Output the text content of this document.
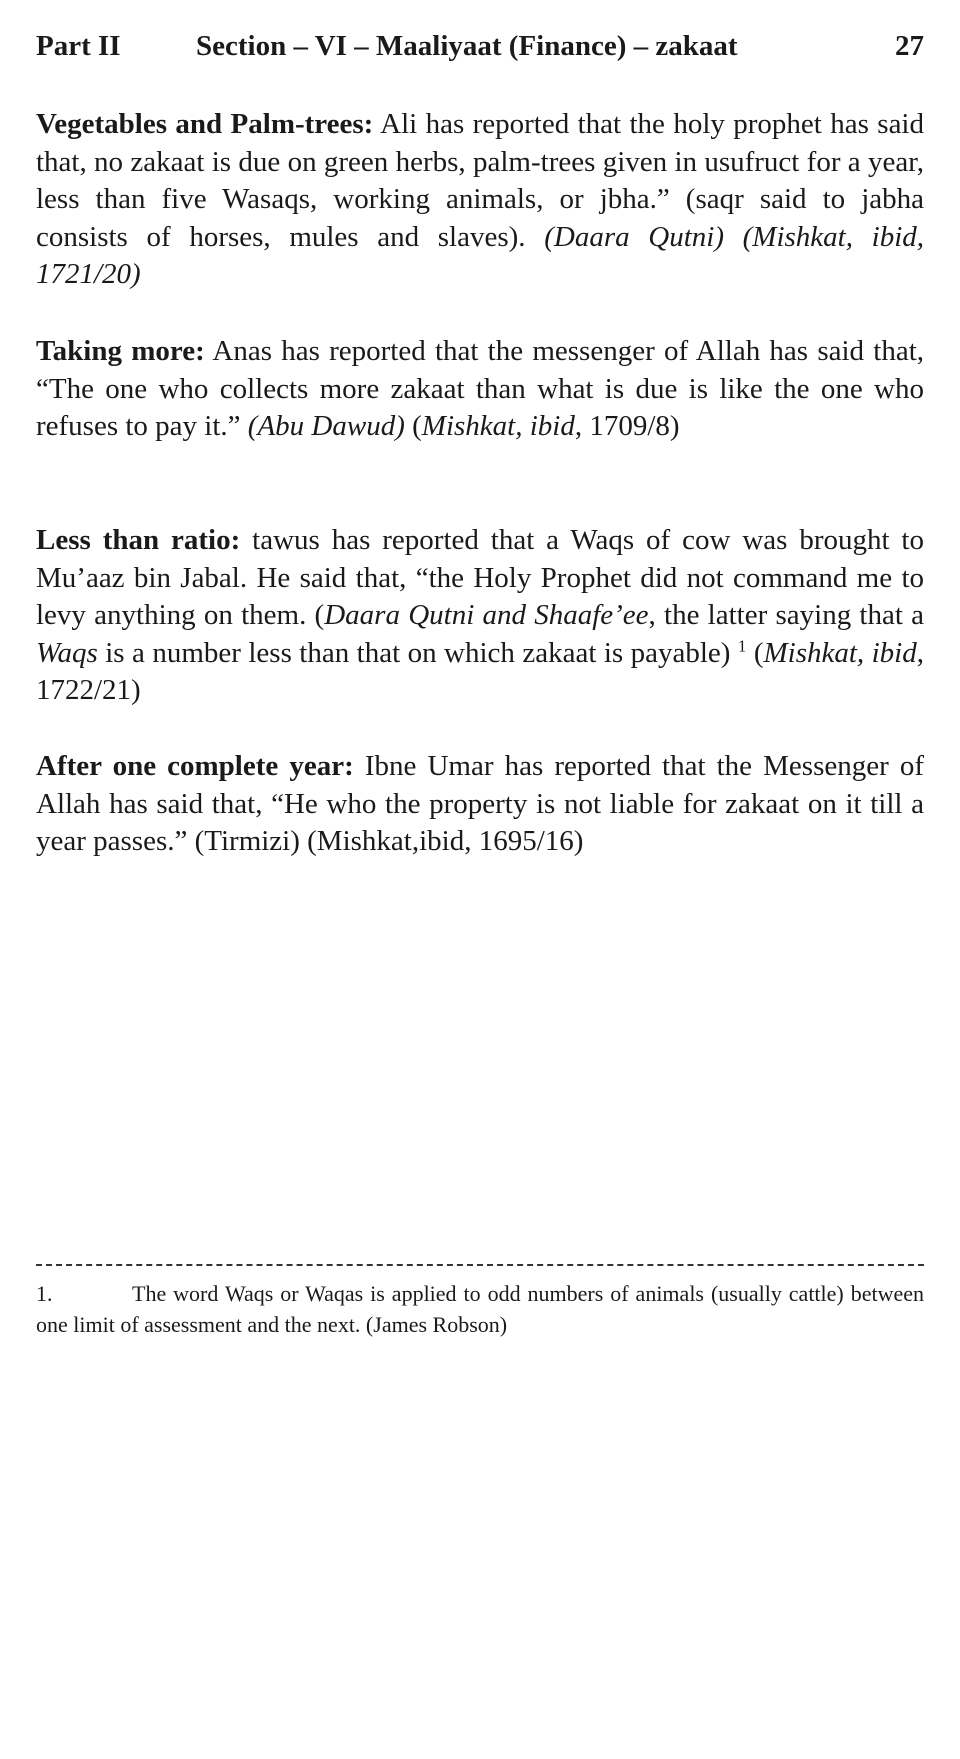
Part II	Section – VI – Maaliyaat (Finance) – zakaat	27

Vegetables and Palm-trees: Ali has reported that the holy prophet has said that, no zakaat is due on green herbs, palm-trees given in usufruct for a year, less than five Wasaqs, working animals, or jbha.” (saqr said to jabha consists of horses, mules and slaves). (Daara Qutni) (Mishkat, ibid, 1721/20)

Taking more: Anas has reported that the messenger of Allah has said that, “The one who collects more zakaat than what is due is like the one who refuses to pay it.” (Abu Dawud) (Mishkat, ibid, 1709/8)

Less than ratio: tawus has reported that a Waqs of cow was brought to Mu’aaz bin Jabal. He said that, “the Holy Prophet did not command me to levy anything on them. (Daara Qutni and Shaafe’ee, the latter saying that a Waqs is a number less than that on which zakaat is payable) $^1$ (Mishkat, ibid, 1722/21)

After one complete year: Ibne Umar has reported that the Messenger of Allah has said that, “He who the property is not liable for zakaat on it till a year passes.” (Tirmizi) (Mishkat,ibid, 1695/16)

1.	The word Waqs or Waqas is applied to odd numbers of animals (usually cattle) between one limit of assessment and the next. (James Robson)
